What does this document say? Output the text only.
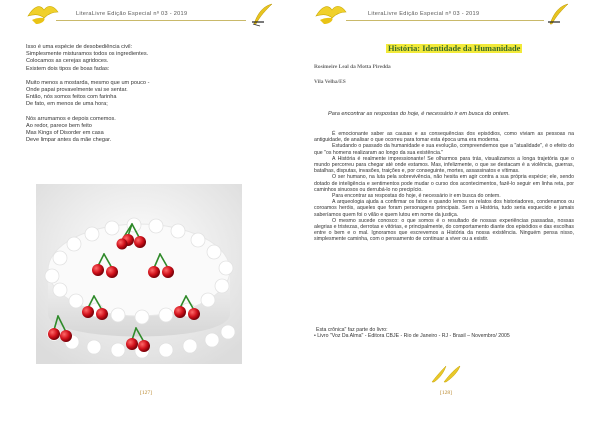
LiteraLivre Edição Especial nº 03 - 2019
Isso é uma espécie de desobediência civil:
Simplesmente misturamos todos os ingredientes.
Colocamos as cerejas agridoces.
Existem dois tipos de boas fadas:
Muito menos a mostarda, mesmo que um pouco -
Onde papai provavelmente vai se sentar.
Então, nós somos feitos com farinha
De fato, em menos de uma hora;
Nós arrumamos e depois comemos.
Ao redor, parece bem feito
Mas Kings of Disorder em casa
Deve limpar antes da mãe chegar.
[127]
LiteraLivre Edição Especial nº 03 - 2019
História: Identidade da Humanidade
Rosimeire Leal da Motta Piredda
Vila Velha/ES
Para encontrar as respostas do hoje, é necessário ir em busca do ontem.

É emocionante saber as causas e as consequências dos episódios, como viviam as pessoas na antiguidade, de analisar o que ocorreu para tomar esta época uma era moderna.

Estudando o passado da humanidade e sua evolução, compreendemos que a "atualidade", é o efeito do que "os homens realizaram ao longo da sua existência."

A História é realmente impressionante! Se olharmos para trás, visualizamos a longa trajetória que o mundo percorreu para chegar até onde estamos. Mas, infelizmente, o que se destacam é a violência, guerras, batalhas, disputas, invasões, traições e, por conseguinte, mortes, assassinatos e vítimas.

O ser humano, na luta pela sobrevivência, não hesita em agir contra a sua própria espécie; ele, sendo dotado de inteligência e sentimentos pode mudar o curso dos acontecimentos, fazê-lo seguir em linha reta, por caminhos sinuosos ou derrubá-lo no precipício.

Para encontrar as respostas do hoje, é necessário ir em busca do ontem.

A arqueologia ajuda a confirmar os fatos e quando lemos os relatos dos historiadores, condenamos ou coroamos heróis, aqueles que foram personagens principais. Sem a História, tudo seria esquecido e jamais saberíamos quem foi o vilão e quem lutou em nome da justiça.

O mesmo sucede conosco: o que somos é o resultado de nossas experiências passadas, nossas alegrias e tristezas, derrotas e vitórias, e principalmente, do comportamento diante dos episódios e das escolhas entre o bem e o mal. Ignoramos que escrevemos a História da nossa existência. Ninguém pensa nisso, simplesmente caminha, com o pensamento de continuar a viver ou a existir.

Esta crônica" faz parte do livro:
• Livro "Voz Da Alma" - Editora CBJE - Rio de Janeiro - RJ - Brasil – Novembro/ 2005
[128]
